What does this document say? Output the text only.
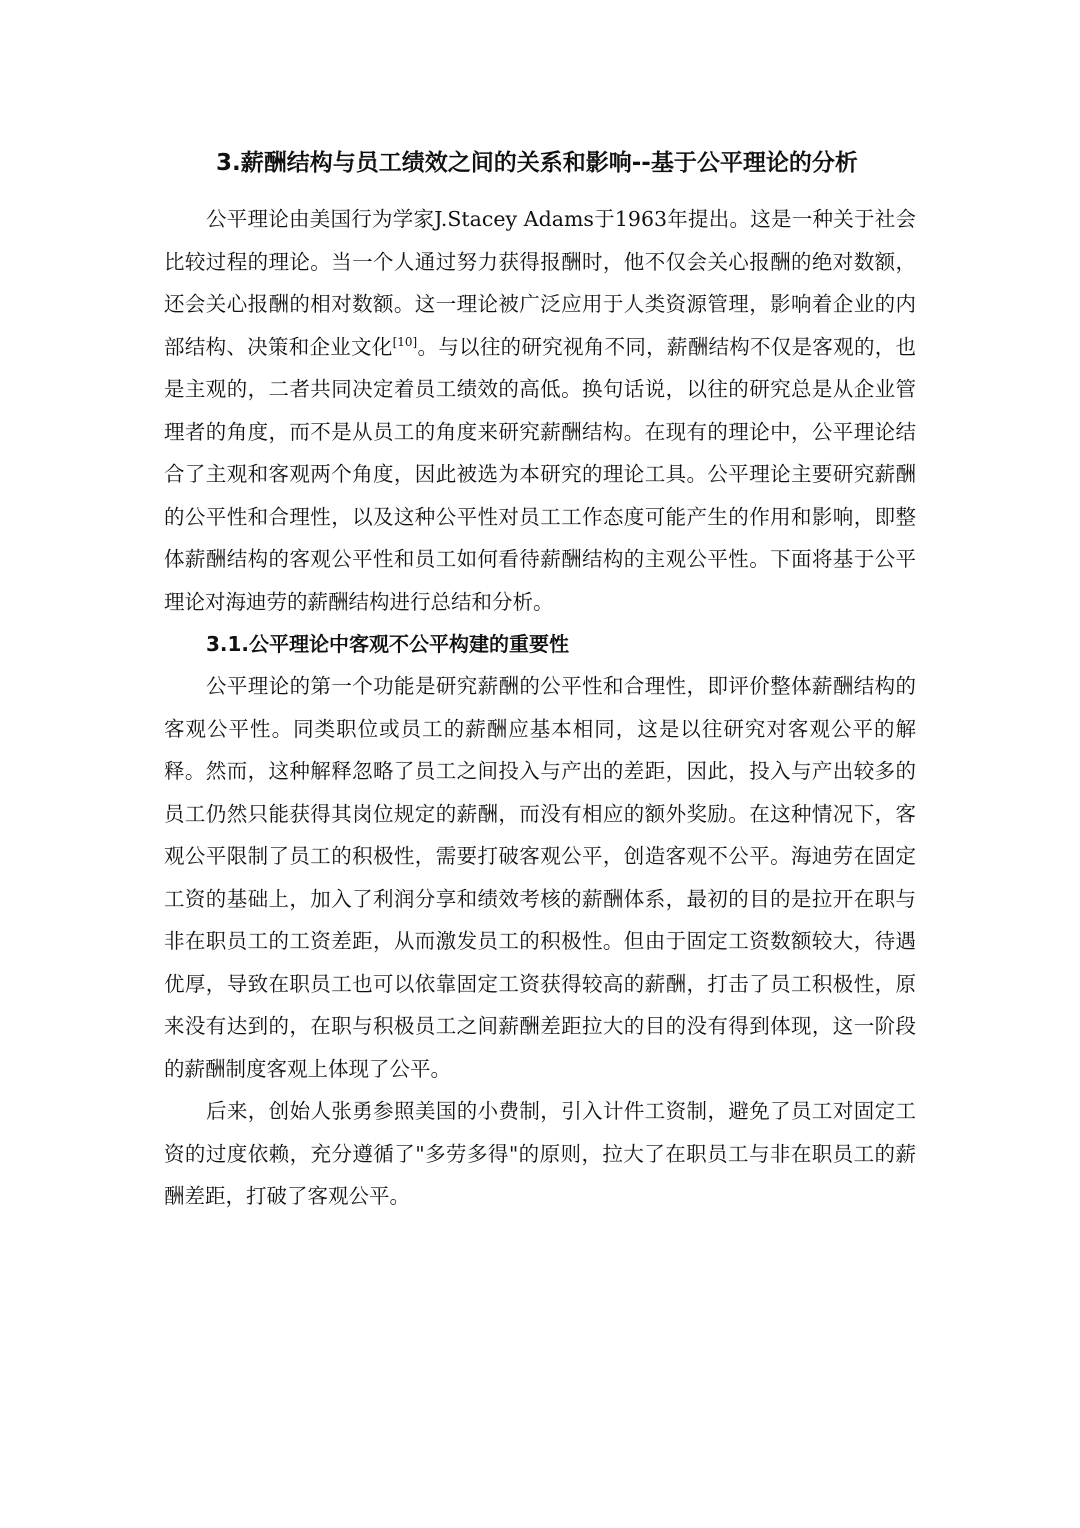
3.薪酬结构与员工绩效之间的关系和影响--基于公平理论的分析

公平理论由美国行为学家J.Stacey Adams于1963年提出。这是一种关于社会比较过程的理论。当一个人通过努力获得报酬时，他不仅会关心报酬的绝对数额，还会关心报酬的相对数额。这一理论被广泛应用于人类资源管理，影响着企业的内部结构、决策和企业文化[10]。与以往的研究视角不同，薪酬结构不仅是客观的，也是主观的，二者共同决定着员工绩效的高低。换句话说，以往的研究总是从企业管理者的角度，而不是从员工的角度来研究薪酬结构。在现有的理论中，公平理论结合了主观和客观两个角度，因此被选为本研究的理论工具。公平理论主要研究薪酬的公平性和合理性，以及这种公平性对员工工作态度可能产生的作用和影响，即整体薪酬结构的客观公平性和员工如何看待薪酬结构的主观公平性。下面将基于公平理论对海迪劳的薪酬结构进行总结和分析。

3.1.公平理论中客观不公平构建的重要性

公平理论的第一个功能是研究薪酬的公平性和合理性，即评价整体薪酬结构的客观公平性。同类职位或员工的薪酬应基本相同，这是以往研究对客观公平的解释。然而，这种解释忽略了员工之间投入与产出的差距，因此，投入与产出较多的员工仍然只能获得其岗位规定的薪酬，而没有相应的额外奖励。在这种情况下，客观公平限制了员工的积极性，需要打破客观公平，创造客观不公平。海迪劳在固定工资的基础上，加入了利润分享和绩效考核的薪酬体系，最初的目的是拉开在职与非在职员工的工资差距，从而激发员工的积极性。但由于固定工资数额较大，待遇优厚，导致在职员工也可以依靠固定工资获得较高的薪酬，打击了员工积极性，原来没有达到的，在职与积极员工之间薪酬差距拉大的目的没有得到体现，这一阶段的薪酬制度客观上体现了公平。

后来，创始人张勇参照美国的小费制，引入计件工资制，避免了员工对固定工资的过度依赖，充分遵循了"多劳多得"的原则，拉大了在职员工与非在职员工的薪酬差距，打破了客观公平。
